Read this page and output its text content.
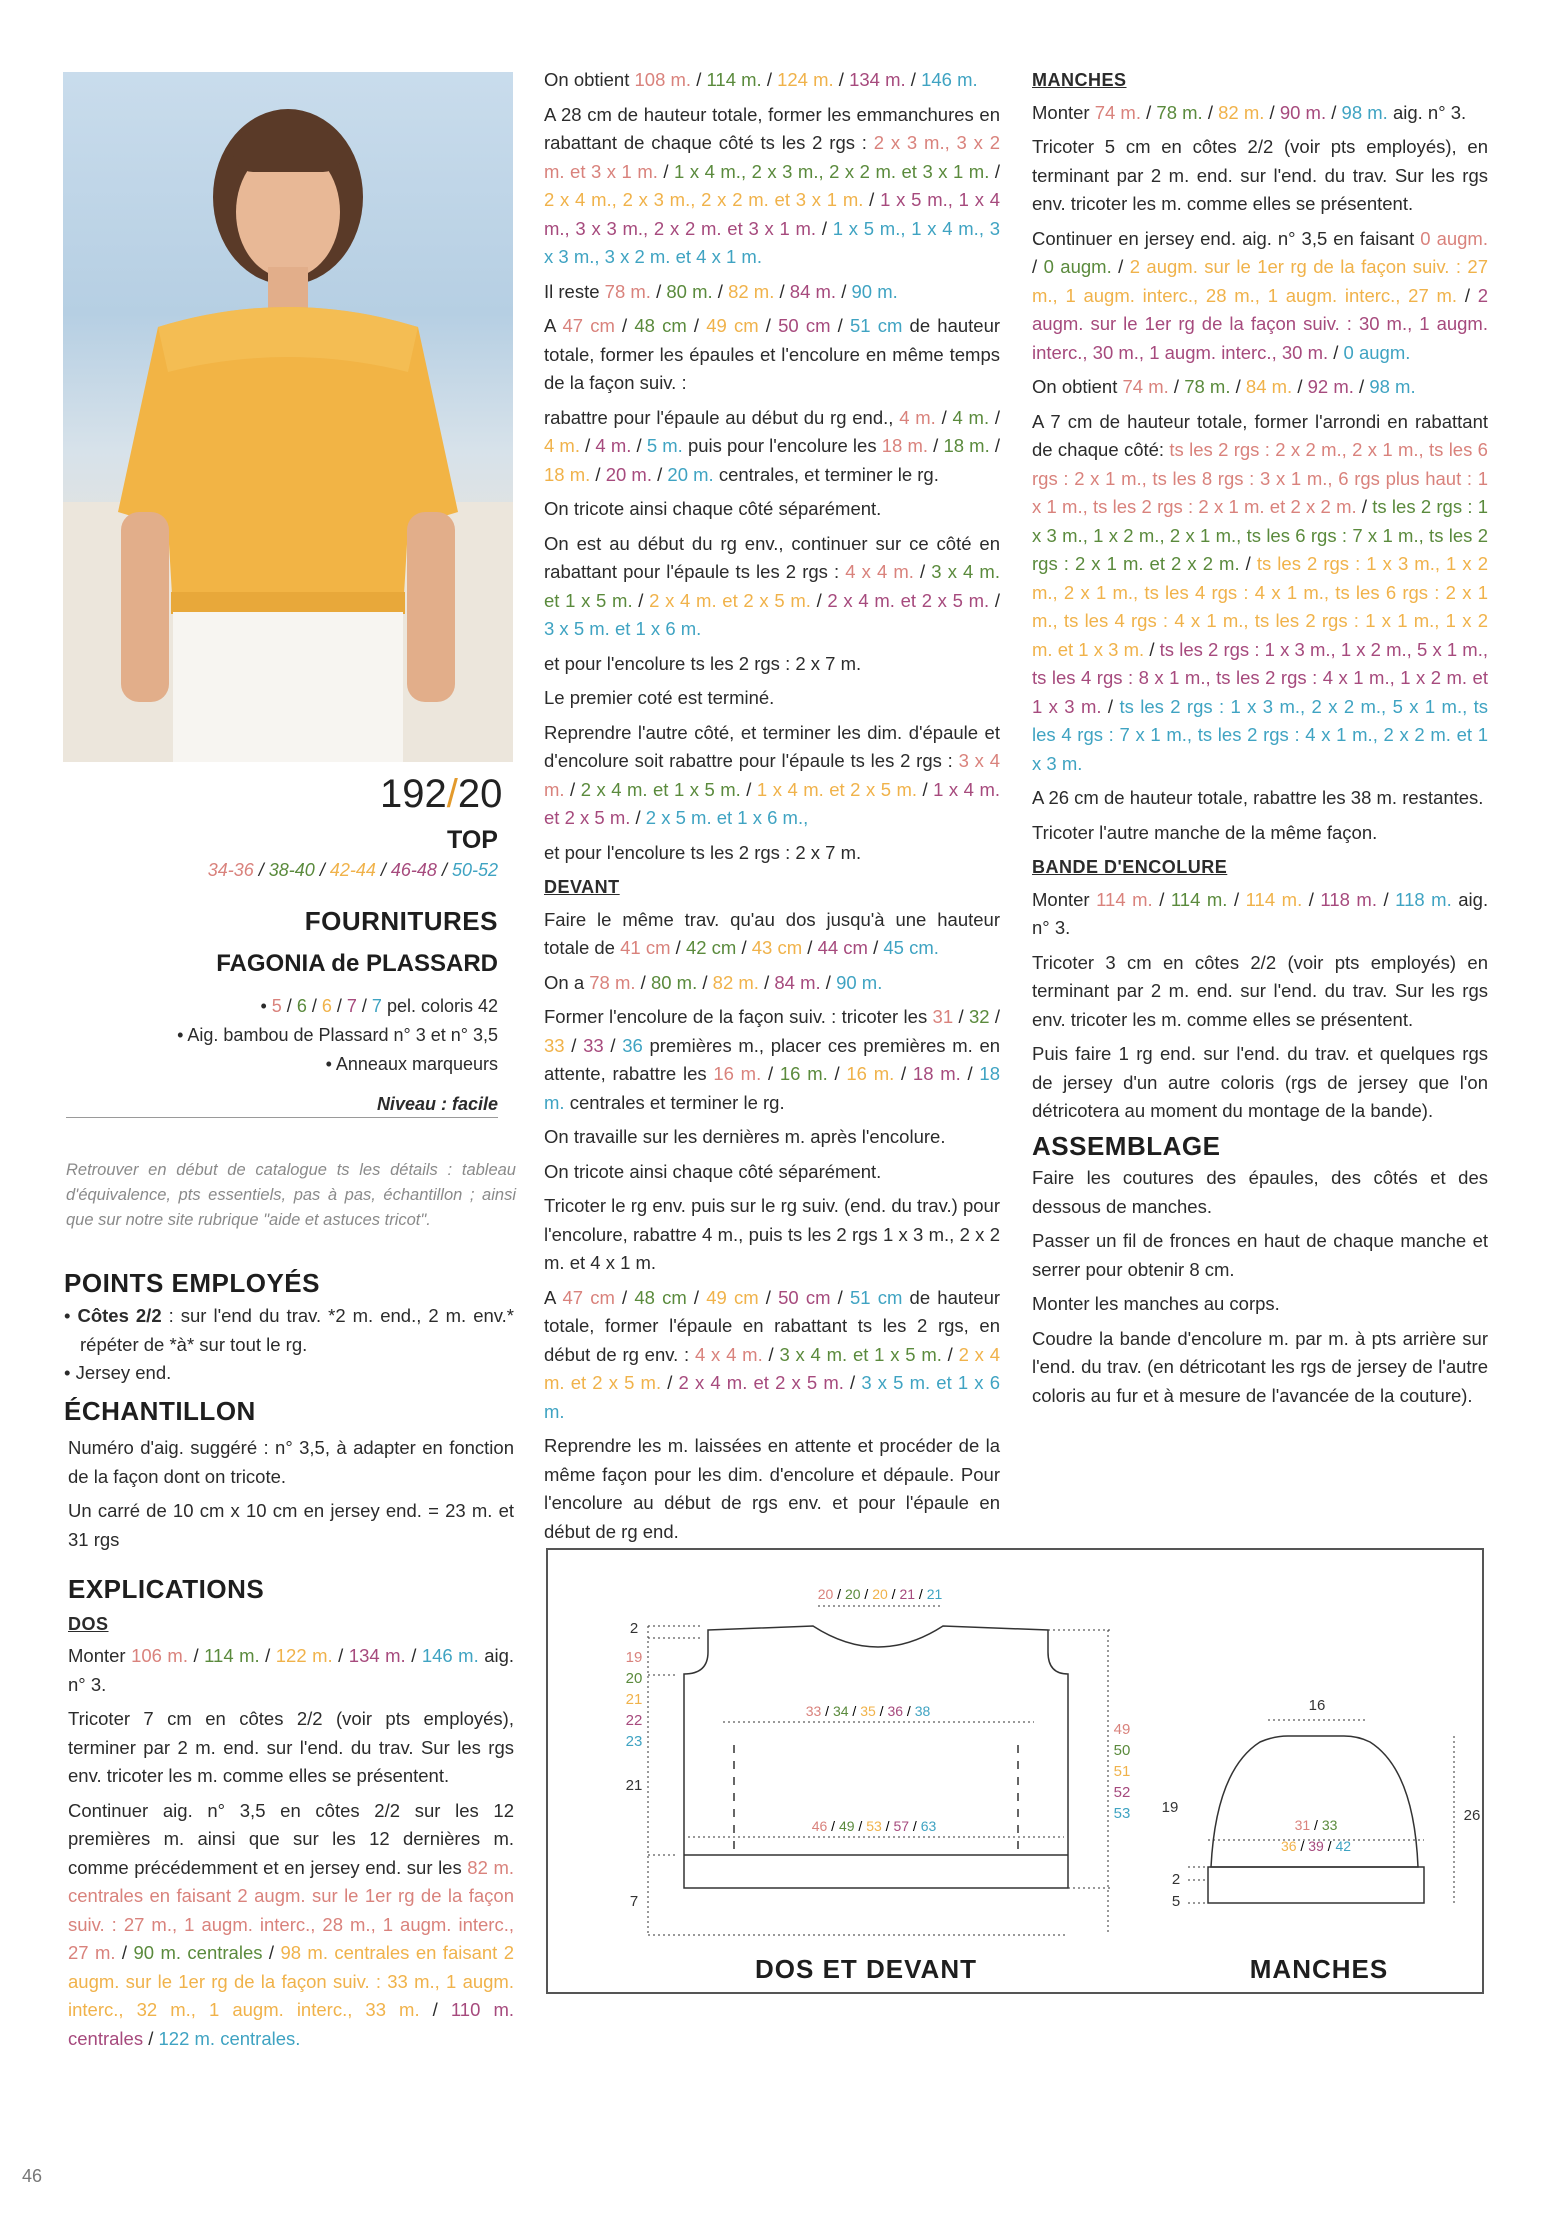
192/20
TOP
34-36 / 38-40 / 42-44 / 46-48 / 50-52
FOURNITURES
FAGONIA de PLASSARD
• 5 / 6 / 6 / 7 / 7 pel. coloris 42
• Aig. bambou de Plassard n° 3 et n° 3,5
• Anneaux marqueurs
Niveau : facile
Retrouver en début de catalogue ts les détails : tableau d'équivalence, pts essentiels, pas à pas, échantillon ; ainsi que sur notre site rubrique "aide et astuces tricot".
POINTS EMPLOYÉS

• Côtes 2/2 : sur l'end du trav. *2 m. end., 2 m. env.* répéter de *à* sur tout le rg.

• Jersey end.

ÉCHANTILLON

Numéro d'aig. suggéré : n° 3,5, à adapter en fonction de la façon dont on tricote.

Un carré de 10 cm x 10 cm en jersey end. = 23 m. et 31 rgs

EXPLICATIONS
DOS

Monter 106 m. / 114 m. / 122 m. / 134 m. / 146 m. aig. n° 3.

Tricoter 7 cm en côtes 2/2 (voir pts employés), terminer par 2 m. end. sur l'end. du trav. Sur les rgs env. tricoter les m. comme elles se présentent.

Continuer aig. n° 3,5 en côtes 2/2 sur les 12 premières m. ainsi que sur les 12 dernières m. comme précédemment et en jersey end. sur les 82 m. centrales en faisant 2 augm. sur le 1er rg de la façon suiv. : 27 m., 1 augm. interc., 28 m., 1 augm. interc., 27 m. / 90 m. centrales / 98 m. centrales en faisant 2 augm. sur le 1er rg de la façon suiv. : 33 m., 1 augm. interc., 32 m., 1 augm. interc., 33 m. / 110 m. centrales / 122 m. centrales.

On obtient 108 m. / 114 m. / 124 m. / 134 m. / 146 m.

A 28 cm de hauteur totale, former les emmanchures en rabattant de chaque côté ts les 2 rgs : 2 x 3 m., 3 x 2 m. et 3 x 1 m. / 1 x 4 m., 2 x 3 m., 2 x 2 m. et 3 x 1 m. / 2 x 4 m., 2 x 3 m., 2 x 2 m. et 3 x 1 m. / 1 x 5 m., 1 x 4 m., 3 x 3 m., 2 x 2 m. et 3 x 1 m. / 1 x 5 m., 1 x 4 m., 3 x 3 m., 3 x 2 m. et 4 x 1 m.

Il reste 78 m. / 80 m. / 82 m. / 84 m. / 90 m.

A 47 cm / 48 cm / 49 cm / 50 cm / 51 cm de hauteur totale, former les épaules et l'encolure en même temps de la façon suiv. :

rabattre pour l'épaule au début du rg end., 4 m. / 4 m. / 4 m. / 4 m. / 5 m. puis pour l'encolure les 18 m. / 18 m. / 18 m. / 20 m. / 20 m. centrales, et terminer le rg.

On tricote ainsi chaque côté séparément.

On est au début du rg env., continuer sur ce côté en rabattant pour l'épaule ts les 2 rgs : 4 x 4 m. / 3 x 4 m. et 1 x 5 m. / 2 x 4 m. et 2 x 5 m. / 2 x 4 m. et 2 x 5 m. / 3 x 5 m. et 1 x 6 m.

et pour l'encolure ts les 2 rgs : 2 x 7 m.

Le premier coté est terminé.

Reprendre l'autre côté, et terminer les dim. d'épaule et d'encolure soit rabattre pour l'épaule ts les 2 rgs : 3 x 4 m. / 2 x 4 m. et 1 x 5 m. / 1 x 4 m. et 2 x 5 m. / 1 x 4 m. et 2 x 5 m. / 2 x 5 m. et 1 x 6 m.,

et pour l'encolure ts les 2 rgs : 2 x 7 m.

DEVANT

Faire le même trav. qu'au dos jusqu'à une hauteur totale de 41 cm / 42 cm / 43 cm / 44 cm / 45 cm.

On a 78 m. / 80 m. / 82 m. / 84 m. / 90 m.

Former l'encolure de la façon suiv. : tricoter les 31 / 32 / 33 / 33 / 36 premières m., placer ces premières m. en attente, rabattre les 16 m. / 16 m. / 16 m. / 18 m. / 18 m. centrales et terminer le rg.

On travaille sur les dernières m. après l'encolure.

On tricote ainsi chaque côté séparément.

Tricoter le rg env. puis sur le rg suiv. (end. du trav.) pour l'encolure, rabattre 4 m., puis ts les 2 rgs 1 x 3 m., 2 x 2 m. et 4 x 1 m.

A 47 cm / 48 cm / 49 cm / 50 cm / 51 cm de hauteur totale, former l'épaule en rabattant ts les 2 rgs, en début de rg env. : 4 x 4 m. / 3 x 4 m. et 1 x 5 m. / 2 x 4 m. et 2 x 5 m. / 2 x 4 m. et 2 x 5 m. / 3 x 5 m. et 1 x 6 m.

Reprendre les m. laissées en attente et procéder de la même façon pour les dim. d'encolure et dépaule. Pour l'encolure au début de rgs env. et pour l'épaule en début de rg end.

MANCHES

Monter 74 m. / 78 m. / 82 m. / 90 m. / 98 m. aig. n° 3.

Tricoter 5 cm en côtes 2/2 (voir pts employés), en terminant par 2 m. end. sur l'end. du trav. Sur les rgs env. tricoter les m. comme elles se présentent.

Continuer en jersey end. aig. n° 3,5 en faisant 0 augm. / 0 augm. / 2 augm. sur le 1er rg de la façon suiv. : 27 m., 1 augm. interc., 28 m., 1 augm. interc., 27 m. / 2 augm. sur le 1er rg de la façon suiv. : 30 m., 1 augm. interc., 30 m., 1 augm. interc., 30 m. / 0 augm.

On obtient 74 m. / 78 m. / 84 m. / 92 m. / 98 m.

A 7 cm de hauteur totale, former l'arrondi en rabattant de chaque côté: ts les 2 rgs : 2 x 2 m., 2 x 1 m., ts les 6 rgs : 2 x 1 m., ts les 8 rgs : 3 x 1 m., 6 rgs plus haut : 1 x 1 m., ts les 2 rgs : 2 x 1 m. et 2 x 2 m. / ts les 2 rgs : 1 x 3 m., 1 x 2 m., 2 x 1 m., ts les 6 rgs : 7 x 1 m., ts les 2 rgs : 2 x 1 m. et 2 x 2 m. / ts les 2 rgs : 1 x 3 m., 1 x 2 m., 2 x 1 m., ts les 4 rgs : 4 x 1 m., ts les 6 rgs : 2 x 1 m., ts les 4 rgs : 4 x 1 m., ts les 2 rgs : 1 x 1 m., 1 x 2 m. et 1 x 3 m. / ts les 2 rgs : 1 x 3 m., 1 x 2 m., 5 x 1 m., ts les 4 rgs : 8 x 1 m., ts les 2 rgs : 4 x 1 m., 1 x 2 m. et 1 x 3 m. / ts les 2 rgs : 1 x 3 m., 2 x 2 m., 5 x 1 m., ts les 4 rgs : 7 x 1 m., ts les 2 rgs : 4 x 1 m., 2 x 2 m. et 1 x 3 m.

A 26 cm de hauteur totale, rabattre les 38 m. restantes.

Tricoter l'autre manche de la même façon.

BANDE D'ENCOLURE

Monter 114 m. / 114 m. / 114 m. / 118 m. / 118 m. aig. n° 3.

Tricoter 3 cm en côtes 2/2 (voir pts employés) en terminant par 2 m. end. sur l'end. du trav. Sur les rgs env. tricoter les m. comme elles se présentent.

Puis faire 1 rg end. sur l'end. du trav. et quelques rgs de jersey d'un autre coloris (rgs de jersey que l'on détricotera au moment du montage de la bande).

ASSEMBLAGE

Faire les coutures des épaules, des côtés et des dessous de manches.

Passer un fil de fronces en haut de chaque manche et serrer pour obtenir 8 cm.

Monter les manches au corps.

Coudre la bande d'encolure m. par m. à pts arrière sur l'end. du trav. (en détricotant les rgs de jersey de l'autre coloris au fur et à mesure de l'avancée de la couture).

20 / 20 / 20 / 21 / 21
33 / 34 / 35 / 36 / 38
46 / 49 / 53 / 57 / 63
2
19
20
21
22
23
21
7
49
50
51
52
53
16
19	26
31 / 33
36 / 39 / 42
2
5
DOS ET DEVANT	MANCHES
46
